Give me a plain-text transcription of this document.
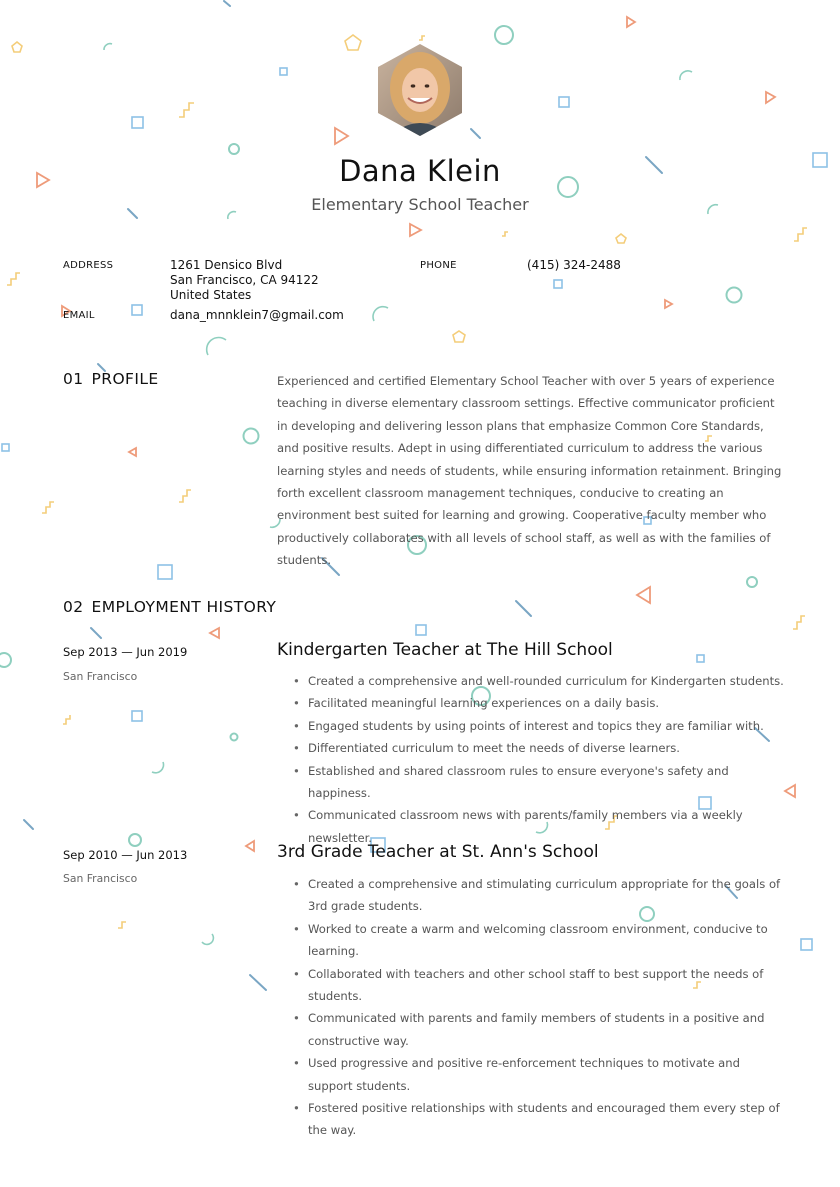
Dana Klein
Elementary School Teacher
ADDRESS	1261 Densico Blvd
San Francisco, CA 94122
United States
PHONE	(415) 324-2488
EMAIL	dana_mnnklein7@gmail.com
01 PROFILE	Experienced and certified Elementary School Teacher with over 5 years of experience teaching in diverse elementary classroom settings. Effective communicator proficient in developing and delivering lesson plans that emphasize Common Core Standards, and positive results. Adept in using differentiated curriculum to address the various learning styles and needs of students, while ensuring information retainment. Bringing forth excellent classroom management techniques, conducive to creating an environment best suited for learning and growing. Cooperative faculty member who productively collaborates with all levels of school staff, as well as with the families of students.
02 EMPLOYMENT HISTORY
Sep 2013 — Jun 2019
San Francisco
Kindergarten Teacher at The Hill School
• Created a comprehensive and well-rounded curriculum for Kindergarten students.
• Facilitated meaningful learning experiences on a daily basis.
• Engaged students by using points of interest and topics they are familiar with.
• Differentiated curriculum to meet the needs of diverse learners.
• Established and shared classroom rules to ensure everyone's safety and happiness.
• Communicated classroom news with parents/family members via a weekly newsletter.
Sep 2010 — Jun 2013
San Francisco
3rd Grade Teacher at St. Ann's School
• Created a comprehensive and stimulating curriculum appropriate for the goals of 3rd grade students.
• Worked to create a warm and welcoming classroom environment, conducive to learning.
• Collaborated with teachers and other school staff to best support the needs of students.
• Communicated with parents and family members of students in a positive and constructive way.
• Used progressive and positive re-enforcement techniques to motivate and support students.
• Fostered positive relationships with students and encouraged them every step of the way.
